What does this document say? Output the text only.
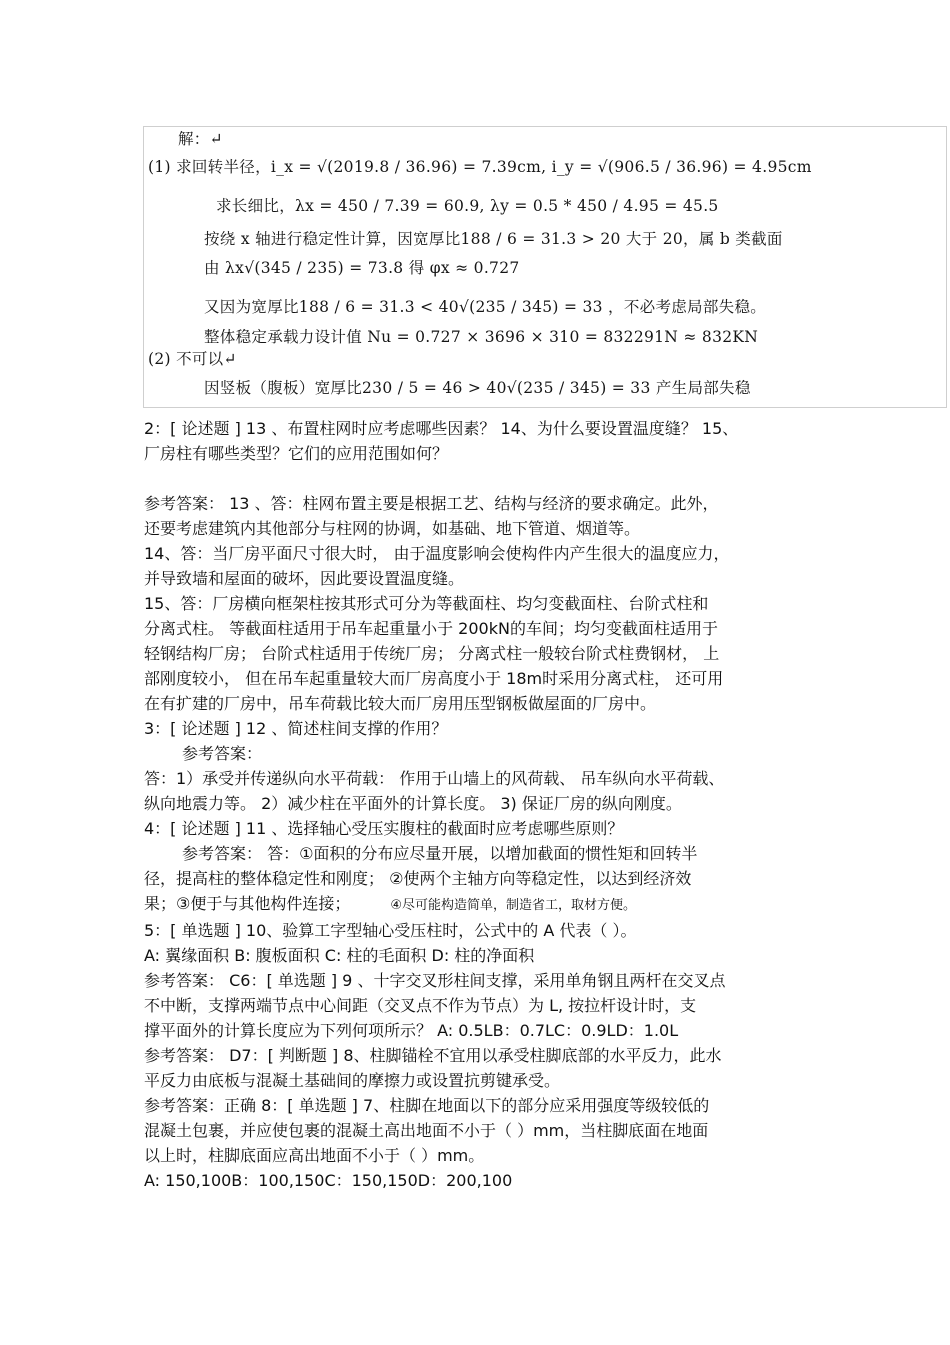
解：↵
(1) 求回转半径，i_x = √(2019.8 / 36.96) = 7.39cm, i_y = √(906.5 / 36.96) = 4.95cm
求长细比，λx = 450 / 7.39 = 60.9, λy = 0.5 * 450 / 4.95 = 45.5
按绕 x 轴进行稳定性计算，因宽厚比188 / 6 = 31.3 > 20 大于 20，属 b 类截面
由 λx√(345 / 235) = 73.8 得 φx ≈ 0.727
又因为宽厚比188 / 6 = 31.3 < 40√(235 / 345) = 33 ，不必考虑局部失稳。
整体稳定承载力设计值 Nu = 0.727 × 3696 × 310 = 832291N ≈ 832KN
(2) 不可以↵
因竖板（腹板）宽厚比230 / 5 = 46 > 40√(235 / 345) = 33 产生局部失稳

2：[ 论述题 ] 13 、布置柱网时应考虑哪些因素？ 14、为什么要设置温度缝？ 15、

厂房柱有哪些类型？它们的应用范围如何？

参考答案： 13 、答：柱网布置主要是根据工艺、结构与经济的要求确定。此外，

还要考虑建筑内其他部分与柱网的协调，如基础、地下管道、烟道等。

14、答：当厂房平面尺寸很大时， 由于温度影响会使构件内产生很大的温度应力，

并导致墙和屋面的破坏，因此要设置温度缝。

15、答：厂房横向框架柱按其形式可分为等截面柱、均匀变截面柱、台阶式柱和

分离式柱。 等截面柱适用于吊车起重量小于 200kN的车间；均匀变截面柱适用于

轻钢结构厂房； 台阶式柱适用于传统厂房； 分离式柱一般较台阶式柱费钢材， 上

部刚度较小， 但在吊车起重量较大而厂房高度小于 18m时采用分离式柱， 还可用

在有扩建的厂房中，吊车荷载比较大而厂房用压型钢板做屋面的厂房中。

3：[ 论述题 ] 12 、简述柱间支撑的作用？

参考答案：

答：1）承受并传递纵向水平荷载： 作用于山墙上的风荷载、 吊车纵向水平荷载、

纵向地震力等。 2）减少柱在平面外的计算长度。 3) 保证厂房的纵向刚度。

4：[ 论述题 ] 11 、选择轴心受压实腹柱的截面时应考虑哪些原则？

参考答案： 答：①面积的分布应尽量开展，以增加截面的惯性矩和回转半

径，提高柱的整体稳定性和刚度； ②使两个主轴方向等稳定性，以达到经济效

果；③便于与其他构件连接；	④尽可能构造简单，制造省工，取材方便。

5：[ 单选题 ] 10、验算工字型轴心受压柱时，公式中的 A 代表（ ）。

A: 翼缘面积 B: 腹板面积 C: 柱的毛面积 D: 柱的净面积

参考答案： C6：[ 单选题 ] 9 、十字交叉形柱间支撑，采用单角钢且两杆在交叉点

不中断，支撑两端节点中心间距（交叉点不作为节点）为 L, 按拉杆设计时，支

撑平面外的计算长度应为下列何项所示？ A: 0.5LB：0.7LC：0.9LD：1.0L

参考答案： D7：[ 判断题 ] 8、柱脚锚栓不宜用以承受柱脚底部的水平反力，此水

平反力由底板与混凝土基础间的摩擦力或设置抗剪键承受。

参考答案：正确 8：[ 单选题 ] 7、柱脚在地面以下的部分应采用强度等级较低的

混凝土包裹，并应使包裹的混凝土高出地面不小于（ ）mm，当柱脚底面在地面

以上时，柱脚底面应高出地面不小于（ ）mm。

A: 150,100B：100,150C：150,150D：200,100
